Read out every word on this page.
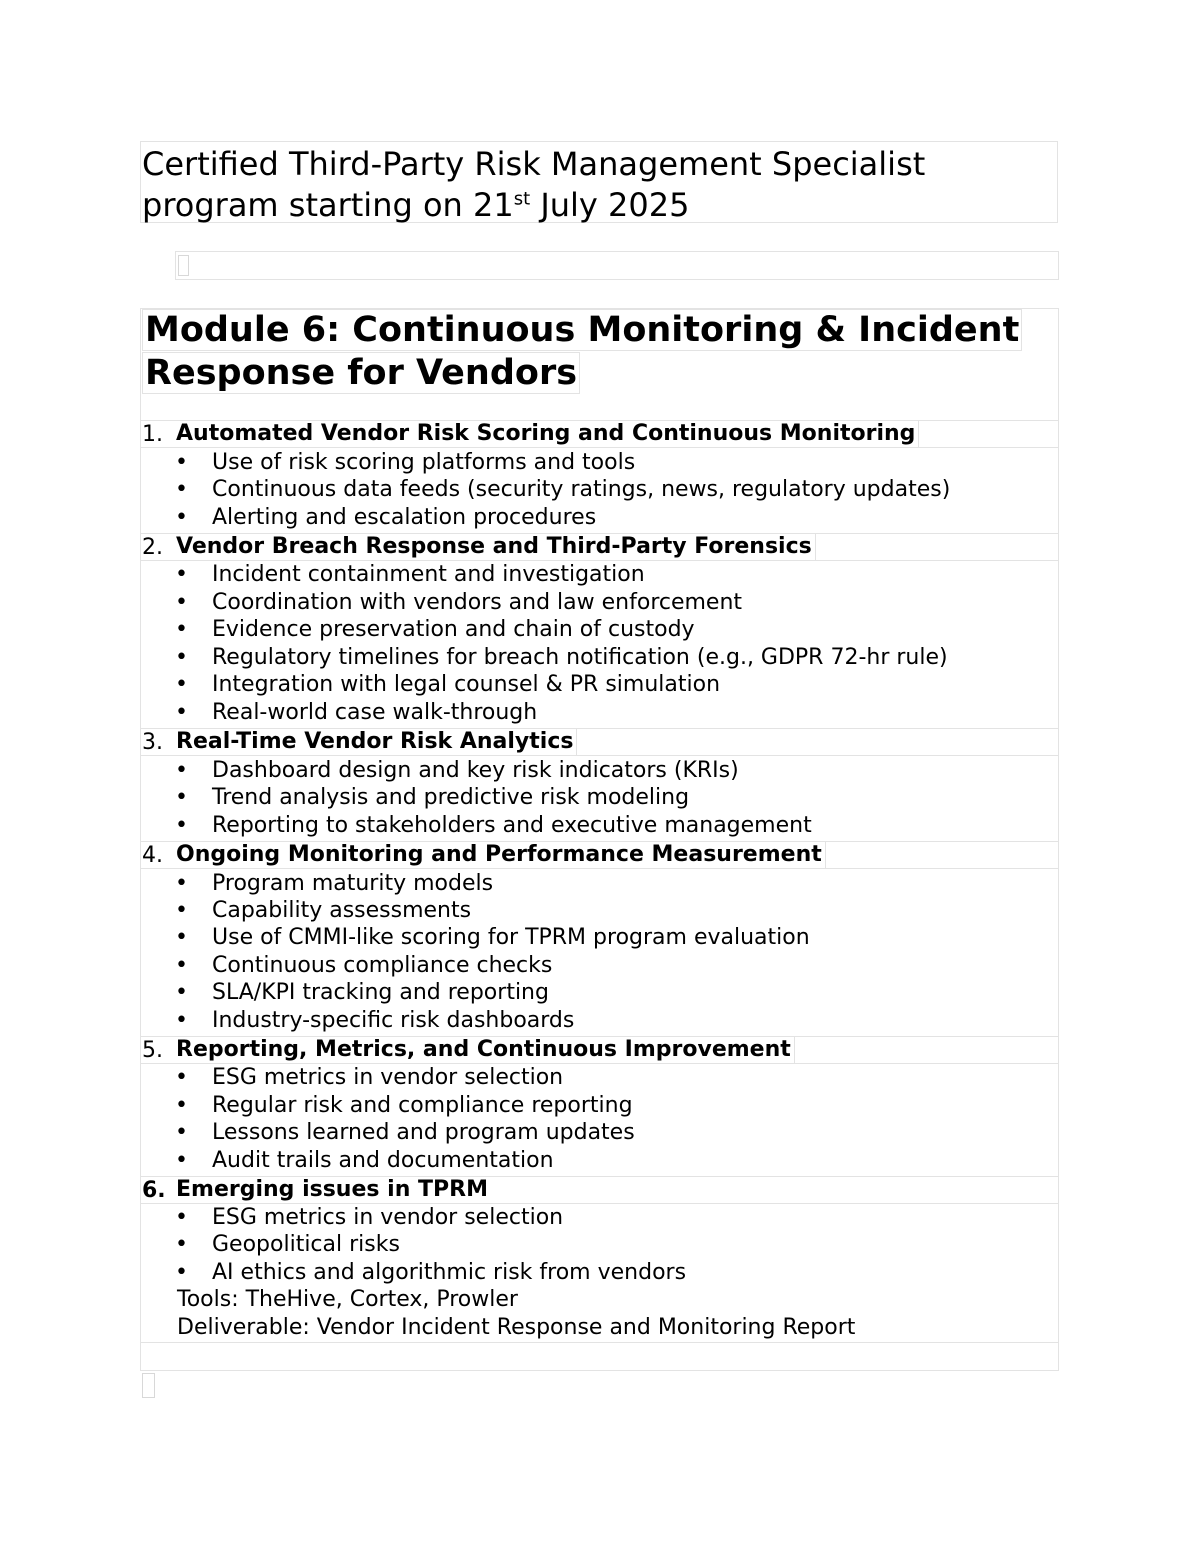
Certified Third-Party Risk Management Specialist
program starting on 21st July 2025
Module 6: Continuous Monitoring & Incident
Response for Vendors
1. Automated Vendor Risk Scoring and Continuous Monitoring
• Use of risk scoring platforms and tools
• Continuous data feeds (security ratings, news, regulatory updates)
• Alerting and escalation procedures
2. Vendor Breach Response and Third-Party Forensics
• Incident containment and investigation
• Coordination with vendors and law enforcement
• Evidence preservation and chain of custody
• Regulatory timelines for breach notification (e.g., GDPR 72-hr rule)
• Integration with legal counsel & PR simulation
• Real-world case walk-through
3. Real-Time Vendor Risk Analytics
• Dashboard design and key risk indicators (KRIs)
• Trend analysis and predictive risk modeling
• Reporting to stakeholders and executive management
4. Ongoing Monitoring and Performance Measurement
• Program maturity models
• Capability assessments
• Use of CMMI-like scoring for TPRM program evaluation
• Continuous compliance checks
• SLA/KPI tracking and reporting
• Industry-specific risk dashboards
5. Reporting, Metrics, and Continuous Improvement
• ESG metrics in vendor selection
• Regular risk and compliance reporting
• Lessons learned and program updates
• Audit trails and documentation
6. Emerging issues in TPRM
• ESG metrics in vendor selection
• Geopolitical risks
• AI ethics and algorithmic risk from vendors
Tools: TheHive, Cortex, Prowler
Deliverable: Vendor Incident Response and Monitoring Report
